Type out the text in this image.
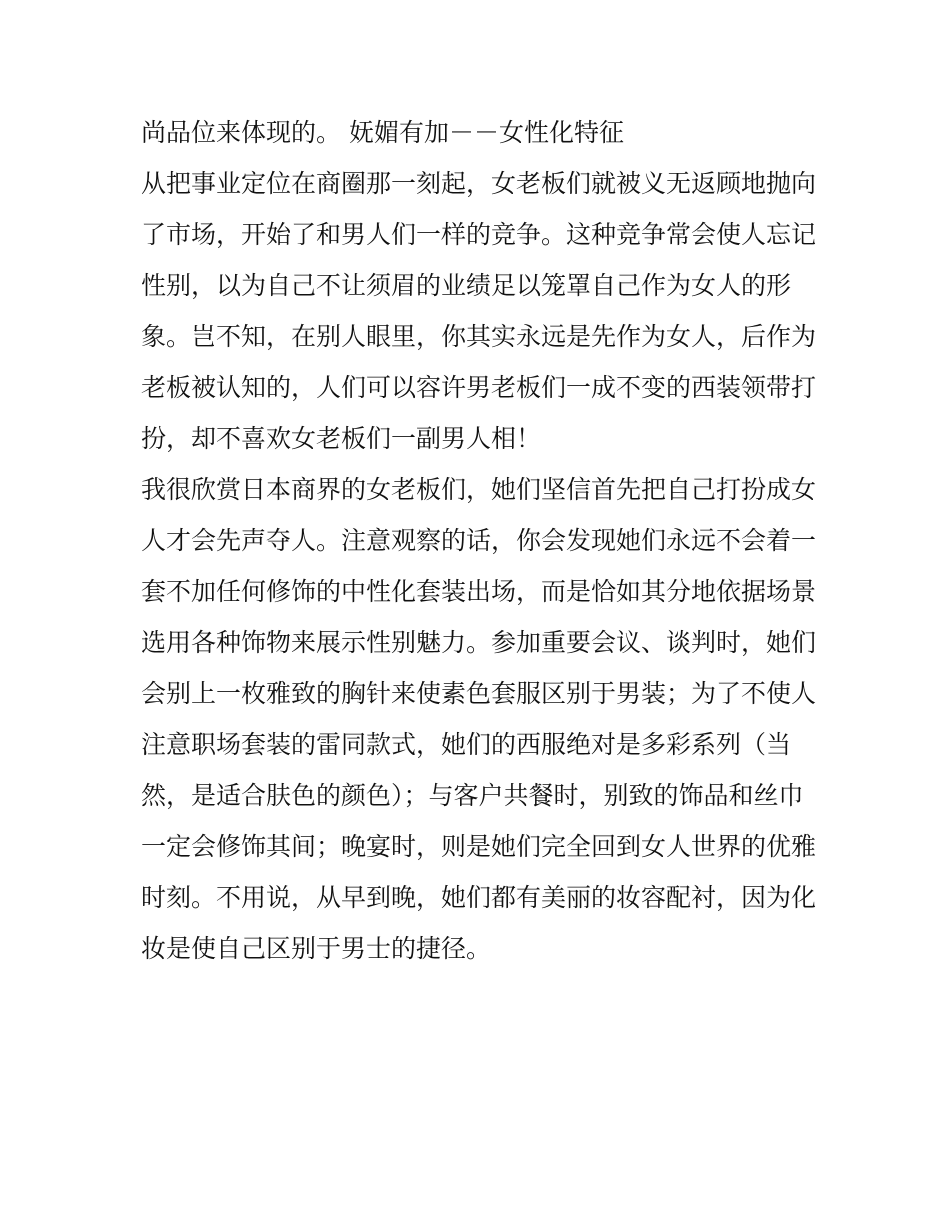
尚品位来体现的。 妩媚有加－－女性化特征
从把事业定位在商圈那一刻起，女老板们就被义无返顾地抛向
了市场，开始了和男人们一样的竞争。这种竞争常会使人忘记
性别，以为自己不让须眉的业绩足以笼罩自己作为女人的形
象。岂不知，在别人眼里，你其实永远是先作为女人，后作为
老板被认知的，人们可以容许男老板们一成不变的西装领带打
扮，却不喜欢女老板们一副男人相！
我很欣赏日本商界的女老板们，她们坚信首先把自己打扮成女
人才会先声夺人。注意观察的话，你会发现她们永远不会着一
套不加任何修饰的中性化套装出场，而是恰如其分地依据场景
选用各种饰物来展示性别魅力。参加重要会议、谈判时，她们
会别上一枚雅致的胸针来使素色套服区别于男装；为了不使人
注意职场套装的雷同款式，她们的西服绝对是多彩系列（当
然，是适合肤色的颜色）；与客户共餐时，别致的饰品和丝巾
一定会修饰其间；晚宴时，则是她们完全回到女人世界的优雅
时刻。不用说，从早到晚，她们都有美丽的妆容配衬，因为化
妆是使自己区别于男士的捷径。
